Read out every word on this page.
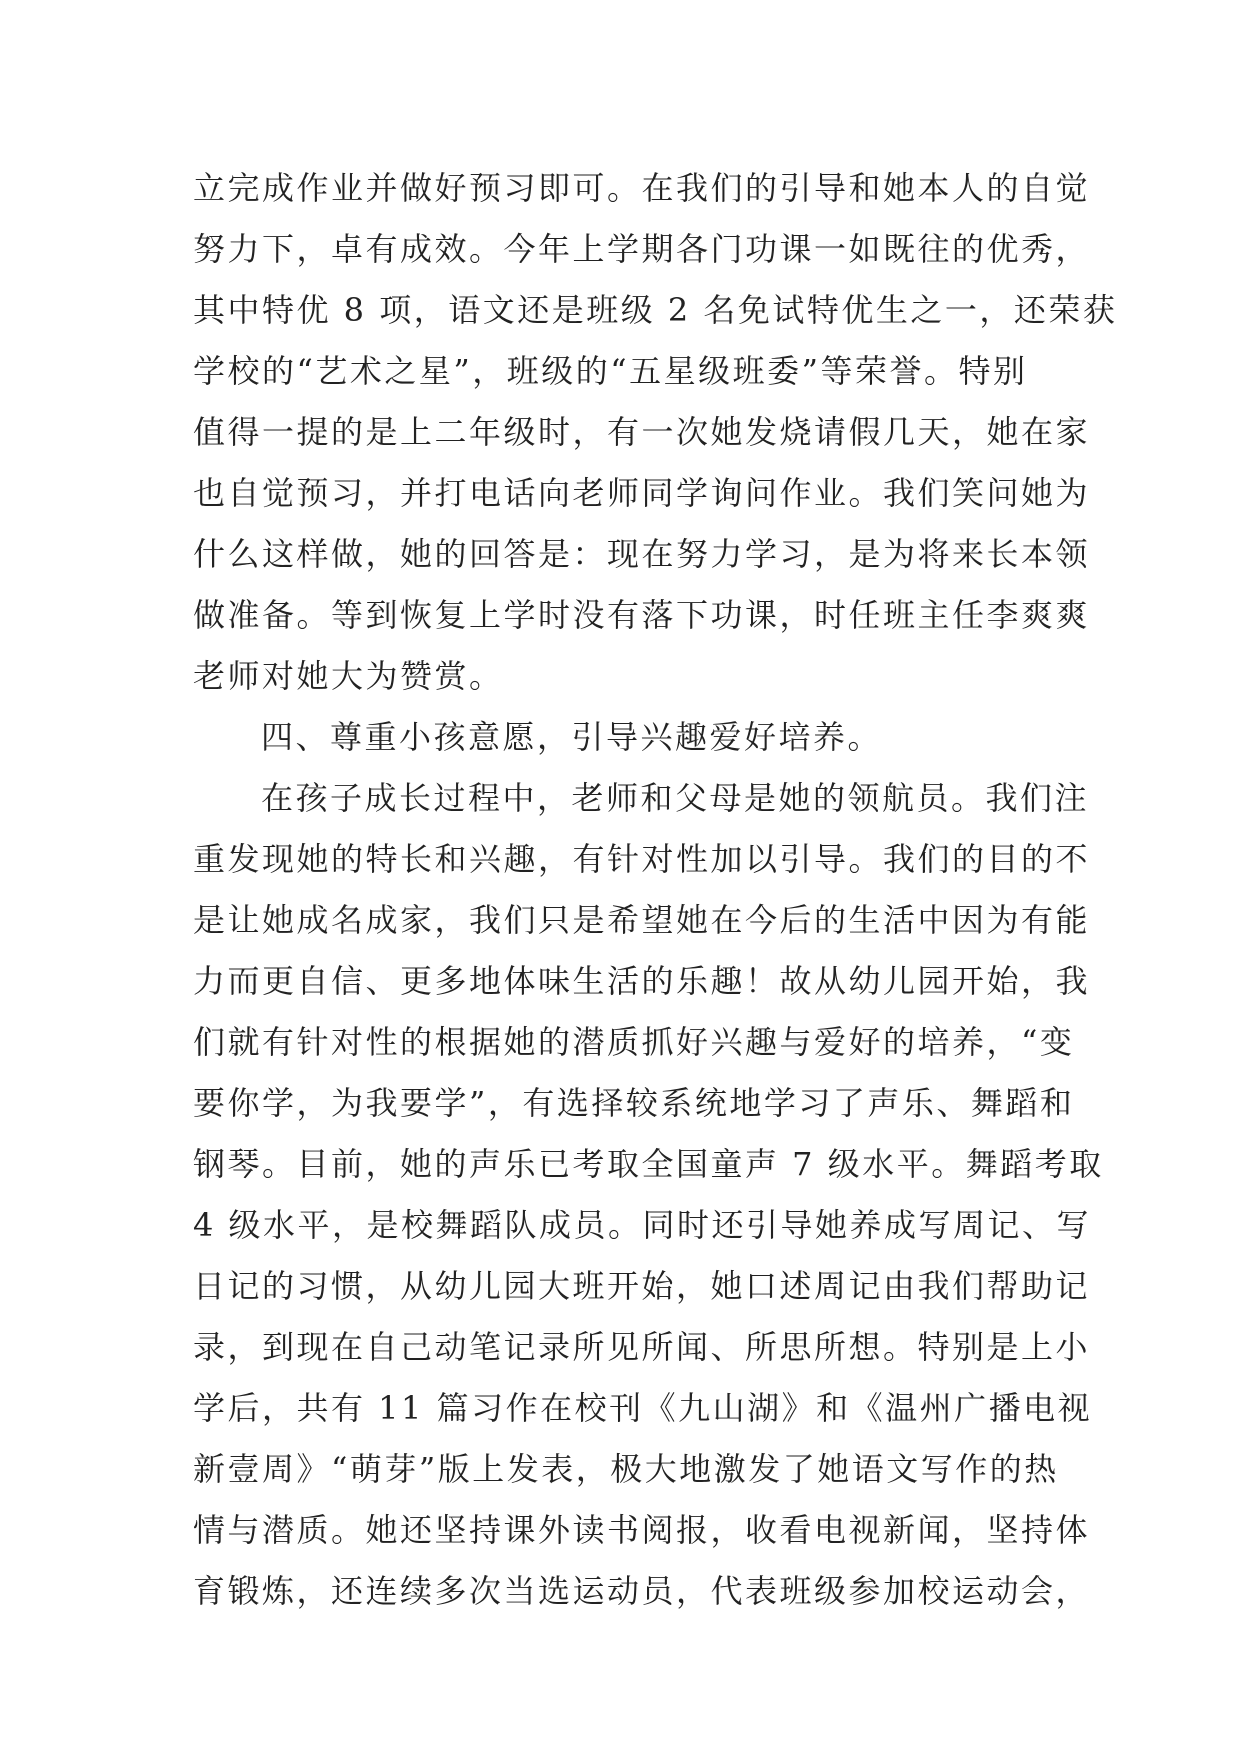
立完成作业并做好预习即可。在我们的引导和她本人的自觉
努力下，卓有成效。今年上学期各门功课一如既往的优秀，
其中特优 8 项，语文还是班级 2 名免试特优生之一，还荣获
学校的“艺术之星”，班级的“五星级班委”等荣誉。特别
值得一提的是上二年级时，有一次她发烧请假几天，她在家
也自觉预习，并打电话向老师同学询问作业。我们笑问她为
什么这样做，她的回答是：现在努力学习，是为将来长本领
做准备。等到恢复上学时没有落下功课，时任班主任李爽爽
老师对她大为赞赏。
四、尊重小孩意愿，引导兴趣爱好培养。
在孩子成长过程中，老师和父母是她的领航员。我们注
重发现她的特长和兴趣，有针对性加以引导。我们的目的不
是让她成名成家，我们只是希望她在今后的生活中因为有能
力而更自信、更多地体味生活的乐趣！故从幼儿园开始，我
们就有针对性的根据她的潜质抓好兴趣与爱好的培养，“变
要你学，为我要学”，有选择较系统地学习了声乐、舞蹈和
钢琴。目前，她的声乐已考取全国童声 7 级水平。舞蹈考取
4 级水平，是校舞蹈队成员。同时还引导她养成写周记、写
日记的习惯，从幼儿园大班开始，她口述周记由我们帮助记
录，到现在自己动笔记录所见所闻、所思所想。特别是上小
学后，共有 11 篇习作在校刊《九山湖》和《温州广播电视
新壹周》“萌芽”版上发表，极大地激发了她语文写作的热
情与潜质。她还坚持课外读书阅报，收看电视新闻，坚持体
育锻炼，还连续多次当选运动员，代表班级参加校运动会，
